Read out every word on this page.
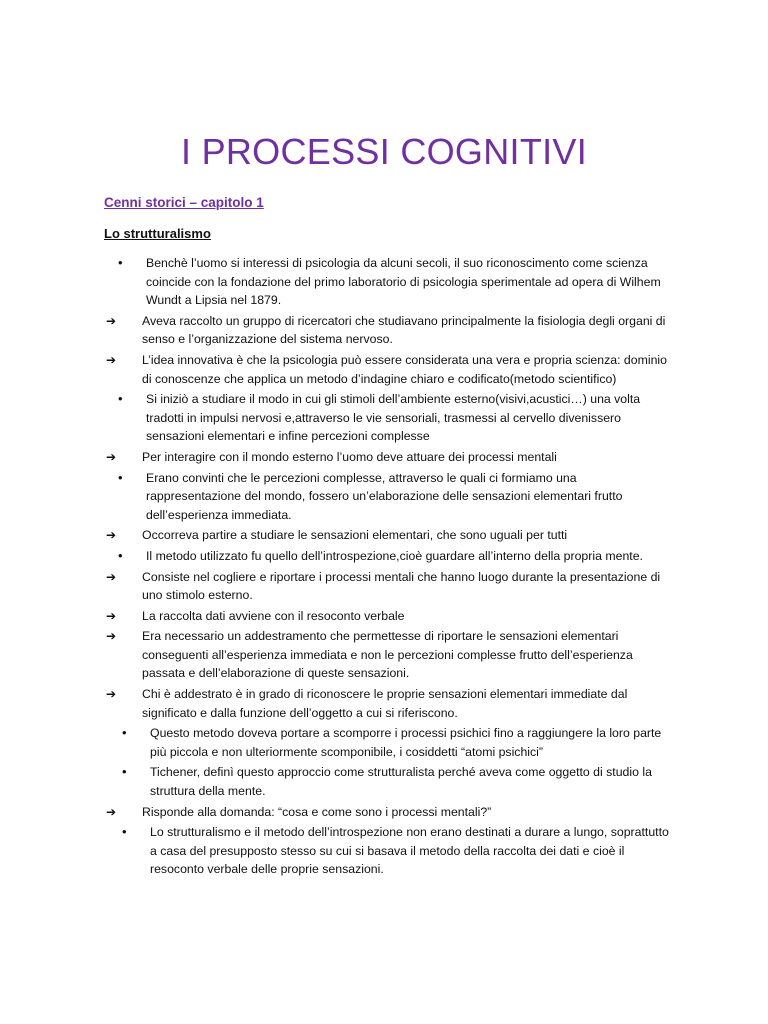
I PROCESSI COGNITIVI
Cenni storici – capitolo 1
Lo strutturalismo
• Benchè l’uomo si interessi di psicologia da alcuni secoli, il suo riconoscimento come scienza coincide con la fondazione del primo laboratorio di psicologia sperimentale ad opera di Wilhem Wundt a Lipsia nel 1879.
➔ Aveva raccolto un gruppo di ricercatori che studiavano principalmente la fisiologia degli organi di senso e l’organizzazione del sistema nervoso.
➔ L’idea innovativa è che la psicologia può essere considerata una vera e propria scienza: dominio di conoscenze che applica un metodo d’indagine chiaro e codificato(metodo scientifico)
• Si iniziò a studiare il modo in cui gli stimoli dell’ambiente esterno(visivi,acustici…) una volta tradotti in impulsi nervosi e,attraverso le vie sensoriali, trasmessi al cervello divenissero sensazioni elementari e infine percezioni complesse
➔ Per interagire con il mondo esterno l’uomo deve attuare dei processi mentali
• Erano convinti che le percezioni complesse, attraverso le quali ci formiamo una rappresentazione del mondo, fossero un’elaborazione delle sensazioni elementari frutto dell’esperienza immediata.
➔ Occorreva partire a studiare le sensazioni elementari, che sono uguali per tutti
• Il metodo utilizzato fu quello dell’introspezione,cioè guardare all’interno della propria mente.
➔ Consiste nel cogliere e riportare i processi mentali che hanno luogo durante la presentazione di uno stimolo esterno.
➔ La raccolta dati avviene con il resoconto verbale
➔ Era necessario un addestramento che permettesse di riportare le sensazioni elementari conseguenti all’esperienza immediata e non le percezioni complesse frutto dell’esperienza passata e dell’elaborazione di queste sensazioni.
➔ Chi è addestrato è in grado di riconoscere le proprie sensazioni elementari immediate dal significato e dalla funzione dell’oggetto a cui si riferiscono.
• Questo metodo doveva portare a scomporre i processi psichici fino a raggiungere la loro parte più piccola e non ulteriormente scomponibile, i cosiddetti “atomi psichici”
• Tichener, definì questo approccio come strutturalista perché aveva come oggetto di studio la struttura della mente.
➔ Risponde alla domanda: “cosa e come sono i processi mentali?”
• Lo strutturalismo e il metodo dell’introspezione non erano destinati a durare a lungo, soprattutto a casa del presupposto stesso su cui si basava il metodo della raccolta dei dati e cioè il resoconto verbale delle proprie sensazioni.
